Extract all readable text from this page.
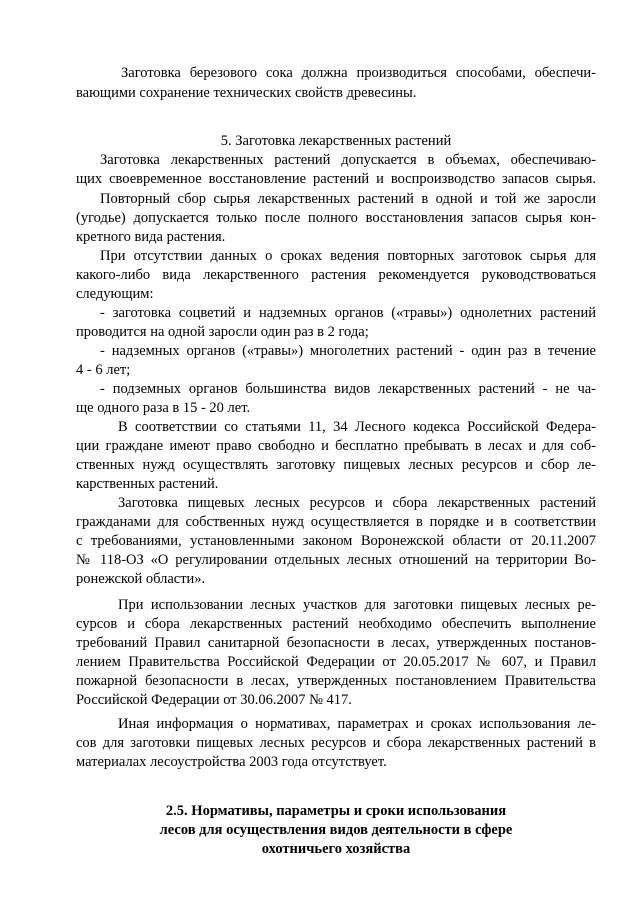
Заготовка березового сока должна производиться способами, обеспечи-
вающими сохранение технических свойств древесины.
5. Заготовка лекарственных растений
Заготовка лекарственных растений допускается в объемах, обеспечиваю-
щих своевременное восстановление растений и воспроизводство запасов сырья.
Повторный сбор сырья лекарственных растений в одной и той же заросли
(угодье) допускается только после полного восстановления запасов сырья кон-
кретного вида растения.
При отсутствии данных о сроках ведения повторных заготовок сырья для
какого-либо вида лекарственного растения рекомендуется руководствоваться
следующим:
- заготовка соцветий и надземных органов («травы») однолетних растений
проводится на одной заросли один раз в 2 года;
- надземных органов («травы») многолетних растений - один раз в течение
4 - 6 лет;
- подземных органов большинства видов лекарственных растений - не ча-
ще одного раза в 15 - 20 лет.
В соответствии со статьями 11, 34 Лесного кодекса Российской Федера-
ции граждане имеют право свободно и бесплатно пребывать в лесах и для соб-
ственных нужд осуществлять заготовку пищевых лесных ресурсов и сбор ле-
карственных растений.
Заготовка пищевых лесных ресурсов и сбора лекарственных растений
гражданами для собственных нужд осуществляется в порядке и в соответствии
с требованиями, установленными законом Воронежской области от 20.11.2007
№ 118-ОЗ «О регулировании отдельных лесных отношений на территории Во-
ронежской области».
При использовании лесных участков для заготовки пищевых лесных ре-
сурсов и сбора лекарственных растений необходимо обеспечить выполнение
требований Правил санитарной безопасности в лесах, утвержденных постанов-
лением Правительства Российской Федерации от 20.05.2017 № 607, и Правил
пожарной безопасности в лесах, утвержденных постановлением Правительства
Российской Федерации от 30.06.2007 № 417.
Иная информация о нормативах, параметрах и сроках использования ле-
сов для заготовки пищевых лесных ресурсов и сбора лекарственных растений в
материалах лесоустройства 2003 года отсутствует.
2.5. Нормативы, параметры и сроки использования
лесов для осуществления видов деятельности в сфере
охотничьего хозяйства
